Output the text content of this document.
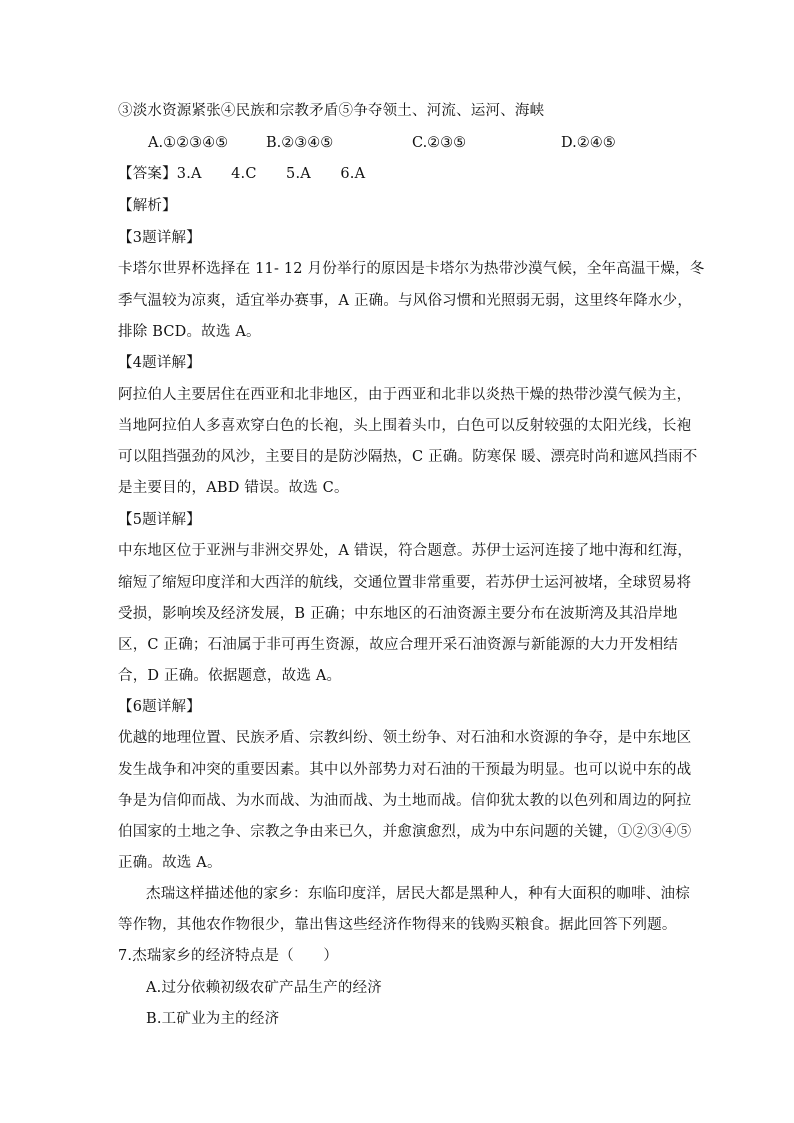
③淡水资源紧张④民族和宗教矛盾⑤争夺领土、河流、运河、海峡
A.①②③④⑤	B.②③④⑤	C.②③⑤	D.②④⑤
【答案】3.A　　4.C　　5.A　　6.A
【解析】
【3题详解】
卡塔尔世界杯选择在 11- 12 月份举行的原因是卡塔尔为热带沙漠气候，全年高温干燥，冬
季气温较为凉爽，适宜举办赛事，A 正确。与风俗习惯和光照弱无弱，这里终年降水少，
排除 BCD。故选 A。
【4题详解】
阿拉伯人主要居住在西亚和北非地区，由于西亚和北非以炎热干燥的热带沙漠气候为主，
当地阿拉伯人多喜欢穿白色的长袍，头上围着头巾，白色可以反射较强的太阳光线，长袍
可以阻挡强劲的风沙，主要目的是防沙隔热，C 正确。防寒保 暖、漂亮时尚和遮风挡雨不
是主要目的，ABD 错误。故选 C。
【5题详解】
中东地区位于亚洲与非洲交界处，A 错误，符合题意。苏伊士运河连接了地中海和红海，
缩短了缩短印度洋和大西洋的航线，交通位置非常重要，若苏伊士运河被堵，全球贸易将
受损，影响埃及经济发展，B 正确；中东地区的石油资源主要分布在波斯湾及其沿岸地
区，C 正确；石油属于非可再生资源，故应合理开采石油资源与新能源的大力开发相结
合，D 正确。依据题意，故选 A。
【6题详解】
优越的地理位置、民族矛盾、宗教纠纷、领土纷争、对石油和水资源的争夺，是中东地区
发生战争和冲突的重要因素。其中以外部势力对石油的干预最为明显。也可以说中东的战
争是为信仰而战、为水而战、为油而战、为土地而战。信仰犹太教的以色列和周边的阿拉
伯国家的土地之争、宗教之争由来已久，并愈演愈烈，成为中东问题的关键，①②③④⑤
正确。故选 A。
杰瑞这样描述他的家乡：东临印度洋，居民大都是黑种人，种有大面积的咖啡、油棕
等作物，其他农作物很少，靠出售这些经济作物得来的钱购买粮食。据此回答下列题。
7.杰瑞家乡的经济特点是（　　）
A.过分依赖初级农矿产品生产的经济
B.工矿业为主的经济
